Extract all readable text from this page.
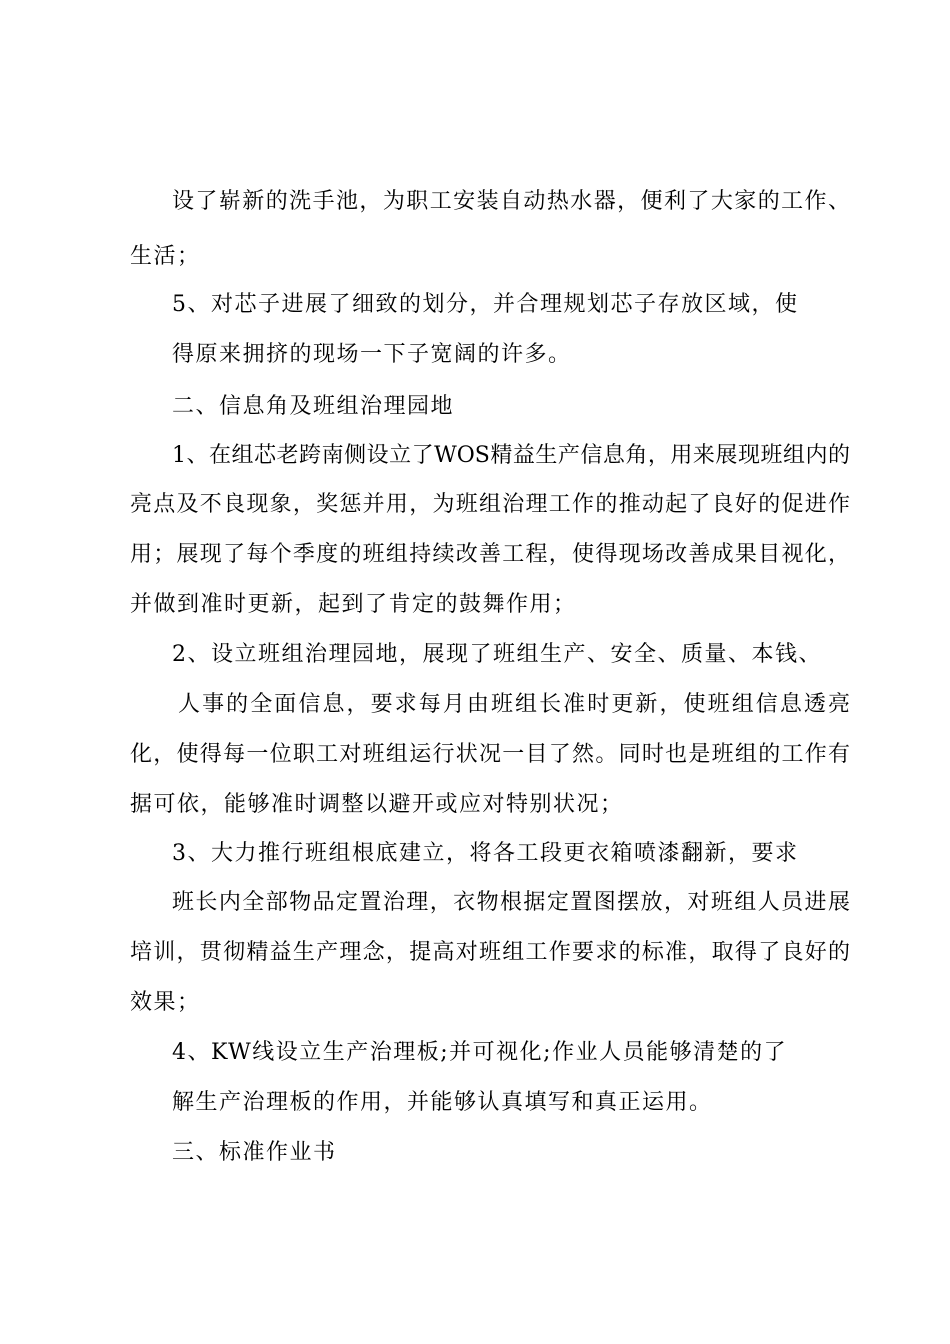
设了崭新的洗手池，为职工安装自动热水器，便利了大家的工作、
生活；
5、对芯子进展了细致的划分，并合理规划芯子存放区域，使
得原来拥挤的现场一下子宽阔的许多。
二、信息角及班组治理园地
1、在组芯老跨南侧设立了WOS精益生产信息角，用来展现班组内的
亮点及不良现象，奖惩并用，为班组治理工作的推动起了良好的促进作
用；展现了每个季度的班组持续改善工程，使得现场改善成果目视化，
并做到准时更新，起到了肯定的鼓舞作用；
2、设立班组治理园地，展现了班组生产、安全、质量、本钱、
人事的全面信息，要求每月由班组长准时更新，使班组信息透亮
化，使得每一位职工对班组运行状况一目了然。同时也是班组的工作有
据可依，能够准时调整以避开或应对特别状况；
3、大力推行班组根底建立，将各工段更衣箱喷漆翻新，要求
班长内全部物品定置治理，衣物根据定置图摆放，对班组人员进展
培训，贯彻精益生产理念，提高对班组工作要求的标准，取得了良好的
效果；
4、KW线设立生产治理板;并可视化;作业人员能够清楚的了
解生产治理板的作用，并能够认真填写和真正运用。
三、标准作业书
